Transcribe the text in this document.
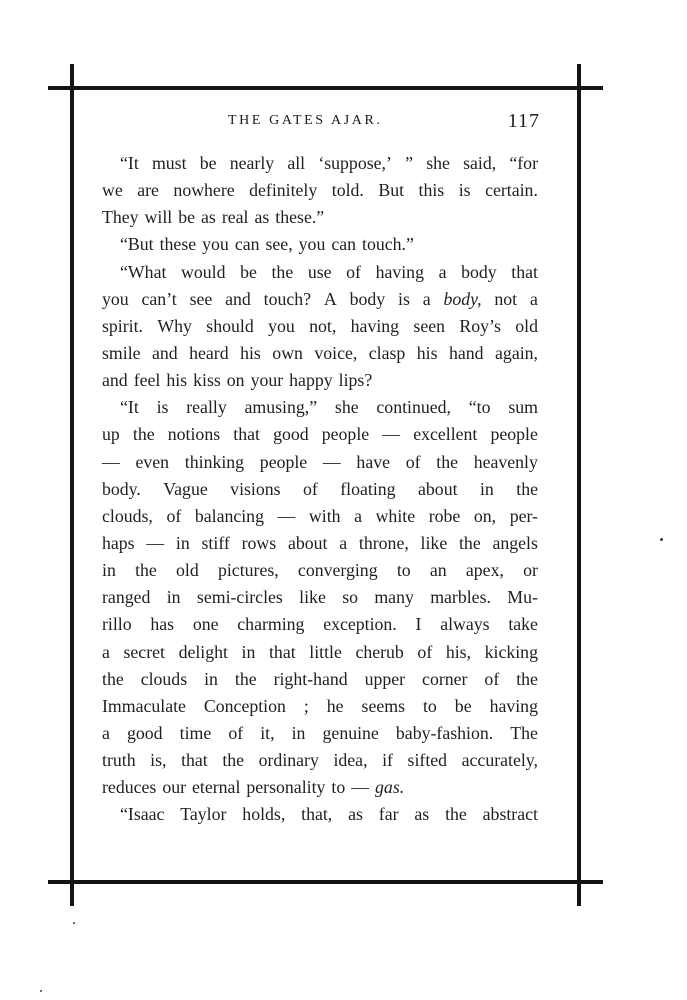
THE GATES AJAR.	117
“It must be nearly all ‘suppose,’ ” she said, “for
we are nowhere definitely told. But this is certain.
They will be as real as these.”
“But these you can see, you can touch.”
“What would be the use of having a body that
you can’t see and touch? A body is a body, not a
spirit. Why should you not, having seen Roy’s old
smile and heard his own voice, clasp his hand again,
and feel his kiss on your happy lips?
“It is really amusing,” she continued, “to sum
up the notions that good people — excellent people
— even thinking people — have of the heavenly
body. Vague visions of floating about in the
clouds, of balancing — with a white robe on, per-
haps — in stiff rows about a throne, like the angels
in the old pictures, converging to an apex, or
ranged in semi-circles like so many marbles. Mu-
rillo has one charming exception. I always take
a secret delight in that little cherub of his, kicking
the clouds in the right-hand upper corner of the
Immaculate Conception ; he seems to be having
a good time of it, in genuine baby-fashion. The
truth is, that the ordinary idea, if sifted accurately,
reduces our eternal personality to — gas.
“Isaac Taylor holds, that, as far as the abstract
